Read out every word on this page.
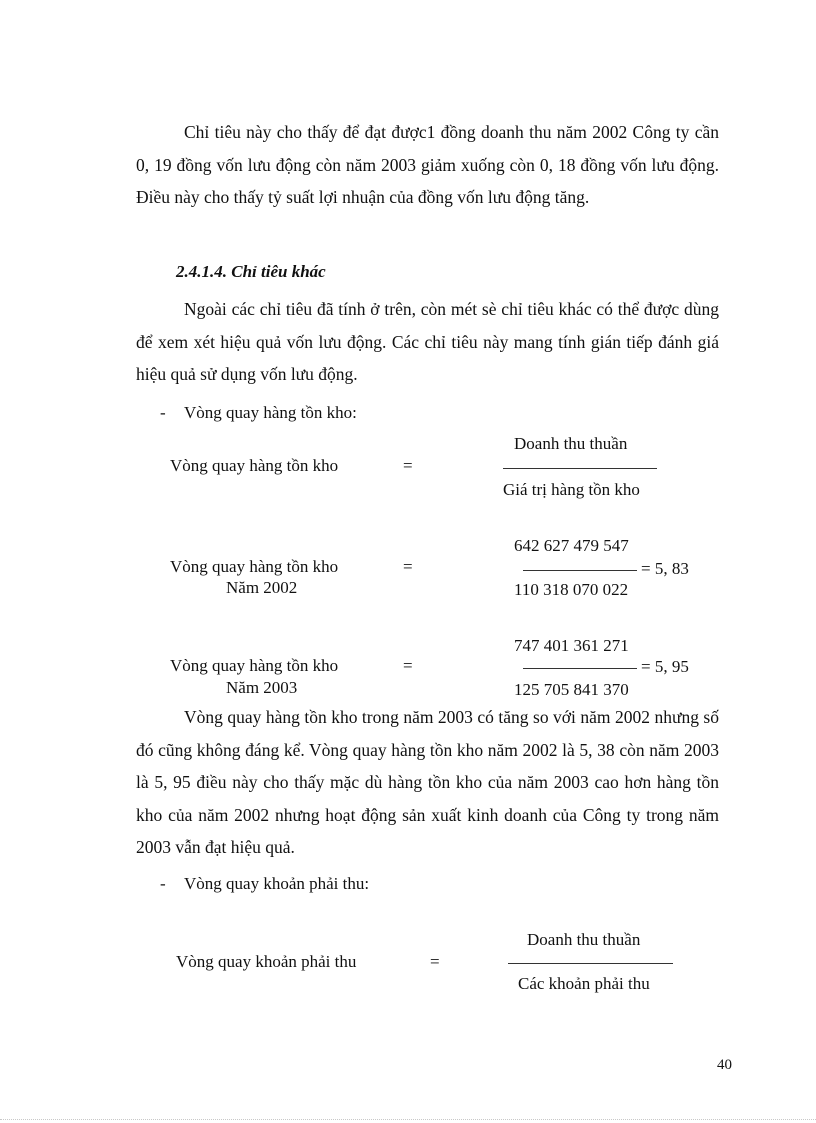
Chỉ tiêu này cho thấy để đạt được1 đồng doanh thu năm 2002 Công ty cần 0, 19 đồng vốn lưu động còn năm 2003 giảm xuống còn 0, 18 đồng vốn lưu động. Điều này cho thấy tỷ suất lợi nhuận của đồng vốn lưu động tăng.
2.4.1.4. Chỉ tiêu khác
Ngoài các chỉ tiêu đã tính ở trên, còn mét sè chỉ tiêu khác có thể được dùng để xem xét hiệu quả vốn lưu động. Các chỉ tiêu này mang tính gián tiếp đánh giá hiệu quả sử dụng vốn lưu động.
- Vòng quay hàng tồn kho:
Vòng quay hàng tồn kho	=
Doanh thu thuần
Giá trị hàng tồn kho
Vòng quay hàng tồn kho
Năm 2002
=
642 627 479 547
= 5, 83
110 318 070 022
Vòng quay hàng tồn kho
Năm 2003
=
747 401 361 271
= 5, 95
125 705 841 370
Vòng quay hàng tồn kho trong năm 2003 có tăng so với năm 2002 nhưng số đó cũng không đáng kể. Vòng quay hàng tồn kho năm 2002 là 5, 38 còn năm 2003 là 5, 95 điều này cho thấy mặc dù hàng tồn kho của năm 2003 cao hơn hàng tồn kho của năm 2002 nhưng hoạt động sản xuất kinh doanh của Công ty trong năm 2003 vẫn đạt hiệu quả.
- Vòng quay khoản phải thu:
Vòng quay khoản phải thu	=
Doanh thu thuần
Các khoản phải thu
40
